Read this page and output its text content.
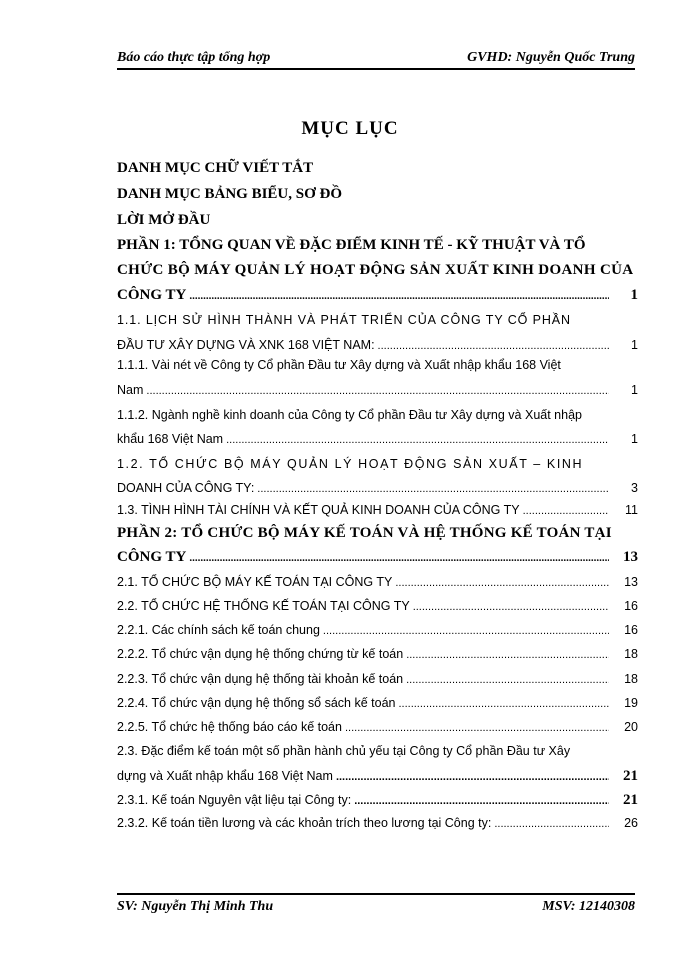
Báo cáo thực tập tổng hợp	GVHD: Nguyễn Quốc Trung
MỤC LỤC
DANH MỤC CHỮ VIẾT TẮT
DANH MỤC BẢNG BIỂU, SƠ ĐỒ
LỜI MỞ ĐẦU
PHẦN 1: TỔNG QUAN VỀ ĐẶC ĐIỂM KINH TẾ - KỸ THUẬT VÀ TỔ
CHỨC BỘ MÁY QUẢN LÝ HOẠT ĐỘNG SẢN XUẤT KINH DOANH CỦA
CÔNG TY .....	1
1.1. LỊCH SỬ HÌNH THÀNH VÀ PHÁT TRIỂN CỦA CÔNG TY CỔ PHẦN
ĐẦU TƯ XÂY DỰNG VÀ XNK 168 VIỆT NAM: .....	1
1.1.1. Vài nét về Công ty Cổ phần Đầu tư Xây dựng và Xuất nhập khẩu 168 Việt
Nam .....	1
1.1.2. Ngành nghề kinh doanh của Công ty Cổ phần Đầu tư Xây dựng và Xuất nhập
khẩu 168 Việt Nam .....	1
1.2. TỔ CHỨC BỘ MÁY QUẢN LÝ HOẠT ĐỘNG SẢN XUẤT – KINH
DOANH CỦA CÔNG TY: .....	3
1.3. TÌNH HÌNH TÀI CHÍNH VÀ KẾT QUẢ KINH DOANH CỦA CÔNG TY .....	11
PHẦN 2: TỔ CHỨC BỘ MÁY KẾ TOÁN VÀ HỆ THỐNG KẾ TOÁN TẠI
CÔNG TY .....	13
2.1. TỔ CHỨC BỘ MÁY KẾ TOÁN TẠI CÔNG TY .....	13
2.2. TỔ CHỨC HỆ THỐNG KẾ TOÁN TẠI CÔNG TY .....	16
2.2.1. Các chính sách kế toán chung .....	16
2.2.2. Tổ chức vận dụng hệ thống chứng từ kế toán .....	18
2.2.3. Tổ chức vận dụng hệ thống tài khoản kế toán .....	18
2.2.4. Tổ chức vận dụng hệ thống sổ sách kế toán .....	19
2.2.5. Tổ chức hệ thống báo cáo kế toán .....	20
2.3. Đặc điểm kế toán một số phần hành chủ yếu tại Công ty Cổ phần Đầu tư Xây
dựng và Xuất nhập khẩu 168 Việt Nam .....	21
2.3.1. Kế toán Nguyên vật liệu tại Công ty: .....	21
2.3.2. Kế toán tiền lương và các khoản trích theo lương tại Công ty: .....	26
SV: Nguyễn Thị Minh Thu	MSV: 12140308
